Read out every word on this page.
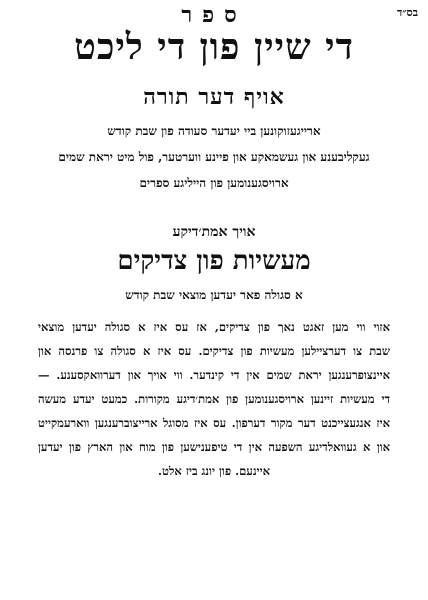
בס״ד
ספר
די שיין פון די ליכט
אויף דער תורה
ארייגעזוקונען ביי יעדער סעודה פון שבת קודש
געקליבענע און געשמאקע און פיינע ווערטער, פול מיט יראת שמים
ארויסגענומען פון הייליגע ספרים
אויך אמת׳דיקע
מעשיות פון צדיקים
א סגולה פאר יעדען מוצאי שבת קודש
אזוי ווי מען זאגט נאך פון צדיקים, אז עס איז א סגולה יעדען מוצאי
שבת צו דערציילען מעשיות פון צדיקים. עס איז א סגולה צו פרנסה און
איינצופרענגען יראת שמים אין די קינדער. ווי אויך און דערוואקסענע. —
די מעשיות זיינען ארויסגענומען פון אמת׳דיגע מקורות. כמעט יעדע מעשה
איז אנגעצייכנט דער מקור דערפון. עס איז מסוגל ארייצוברענגען ווארעמקייט
און א געוואלדיגע השפעה אין די טיפענישען פון מוח און הארץ פון יעדען
איינעם. פון יונג ביז אלט.
